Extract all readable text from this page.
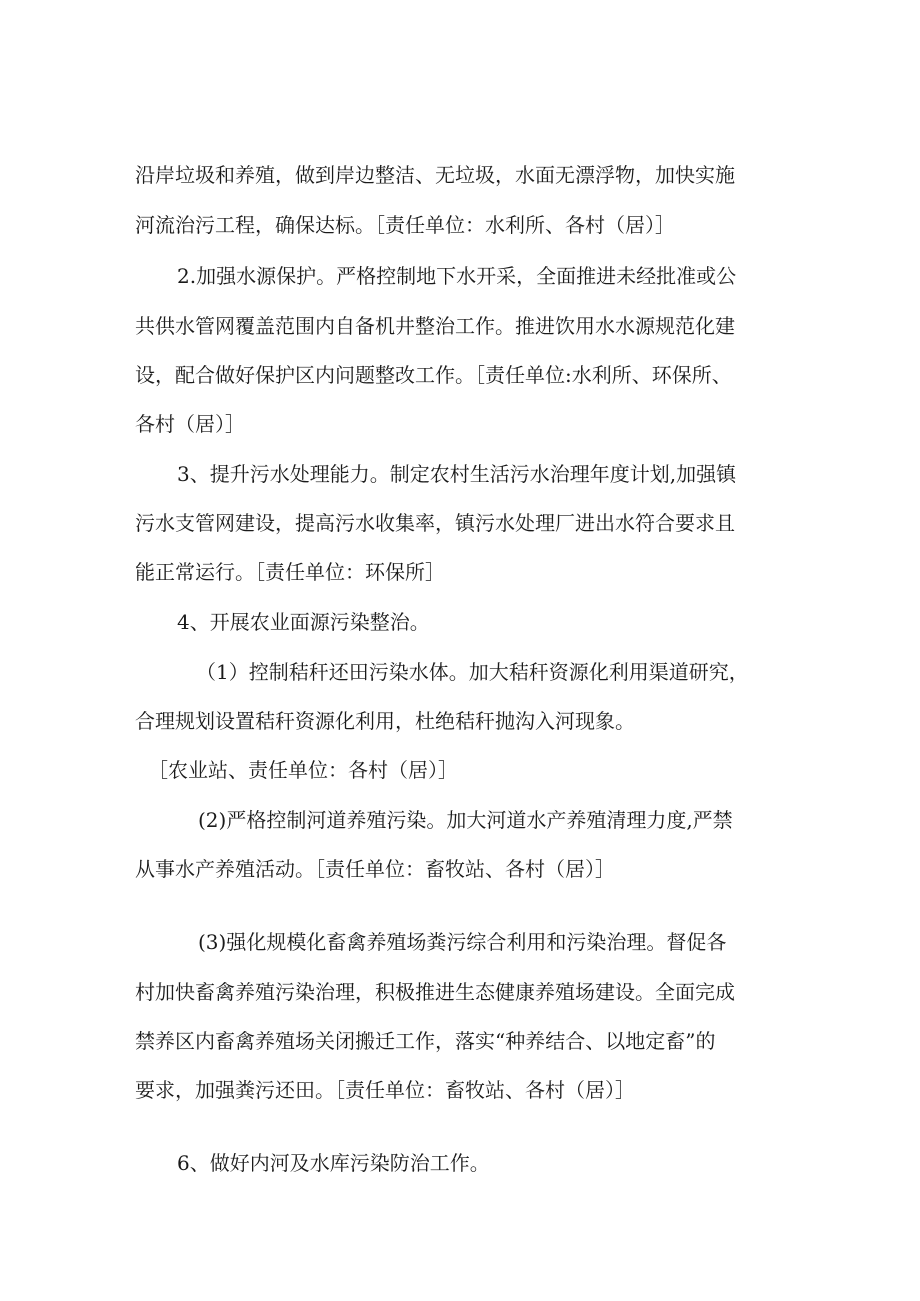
沿岸垃圾和养殖，做到岸边整洁、无垃圾，水面无漂浮物，加快实施
河流治污工程，确保达标。［责任单位：水利所、各村（居）］
2.加强水源保护。严格控制地下水开采，全面推进未经批准或公
共供水管网覆盖范围内自备机井整治工作。推进饮用水水源规范化建
设，配合做好保护区内问题整改工作。［责任单位:水利所、环保所、
各村（居）］
3、提升污水处理能力。制定农村生活污水治理年度计划,加强镇
污水支管网建设，提高污水收集率，镇污水处理厂进出水符合要求且
能正常运行。［责任单位：环保所］
4、开展农业面源污染整治。
（1）控制秸秆还田污染水体。加大秸秆资源化利用渠道研究，
合理规划设置秸秆资源化利用，杜绝秸秆抛沟入河现象。
［农业站、责任单位：各村（居）］
(2)严格控制河道养殖污染。加大河道水产养殖清理力度,严禁
从事水产养殖活动。［责任单位：畜牧站、各村（居）］
(3)强化规模化畜禽养殖场粪污综合利用和污染治理。督促各
村加快畜禽养殖污染治理，积极推进生态健康养殖场建设。全面完成
禁养区内畜禽养殖场关闭搬迁工作，落实“种养结合、以地定畜”的
要求，加强粪污还田。［责任单位：畜牧站、各村（居）］
6、做好内河及水库污染防治工作。
